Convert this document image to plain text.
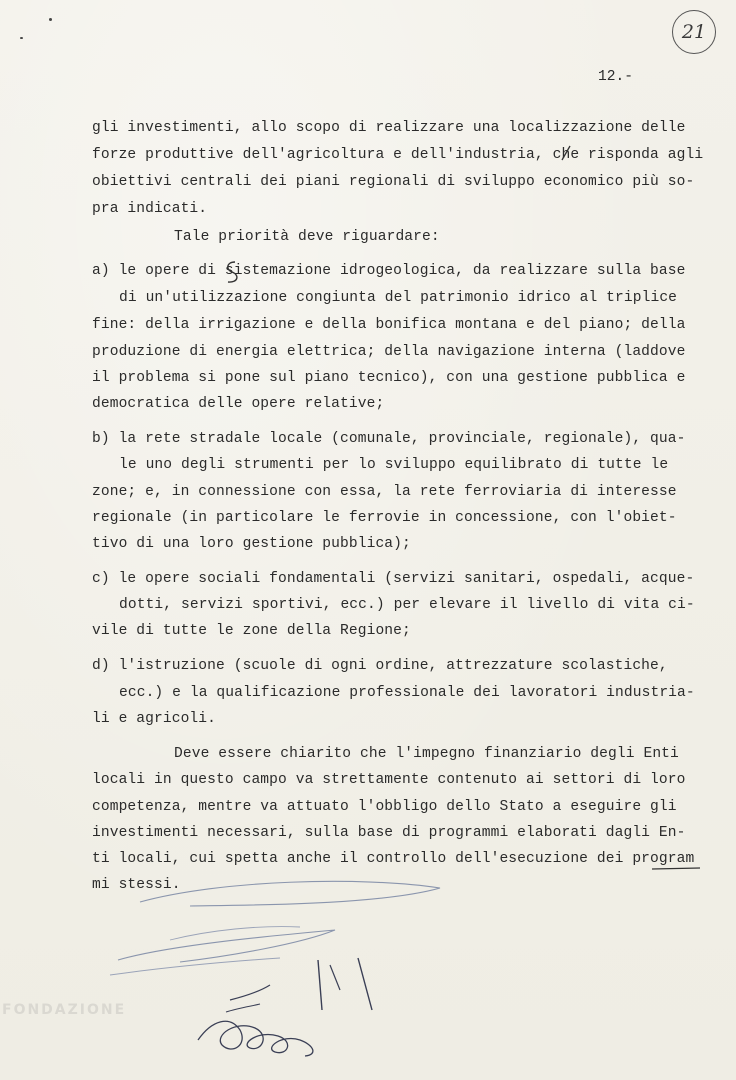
21
12.-
gli investimenti, allo scopo di realizzare una localizzazione delle
forze produttive dell'agricoltura e dell'industria, che risponda agli
obiettivi centrali dei piani regionali di sviluppo economico più so-
pra indicati.
Tale priorità deve riguardare:
a) le opere di sistemazione idrogeologica, da realizzare sulla base
di un'utilizzazione congiunta del patrimonio idrico al triplice
fine: della irrigazione e della bonifica montana e del piano; della
produzione di energia elettrica; della navigazione interna (laddove
il problema si pone sul piano tecnico), con una gestione pubblica e
democratica delle opere relative;
b) la rete stradale locale (comunale, provinciale, regionale), qua-
le uno degli strumenti per lo sviluppo equilibrato di tutte le
zone; e, in connessione con essa, la rete ferroviaria di interesse
regionale (in particolare le ferrovie in concessione, con l'obiet-
tivo di una loro gestione pubblica);
c) le opere sociali fondamentali (servizi sanitari, ospedali, acque-
dotti, servizi sportivi, ecc.) per elevare il livello di vita ci-
vile di tutte le zone della Regione;
d) l'istruzione (scuole di ogni ordine, attrezzature scolastiche,
ecc.) e la qualificazione professionale dei lavoratori industria-
li e agricoli.
Deve essere chiarito che l'impegno finanziario degli Enti
locali in questo campo va strettamente contenuto ai settori di loro
competenza, mentre va attuato l'obbligo dello Stato a eseguire gli
investimenti necessari, sulla base di programmi elaborati dagli En-
ti locali, cui spetta anche il controllo dell'esecuzione dei program
mi stessi.
FONDAZIONE
